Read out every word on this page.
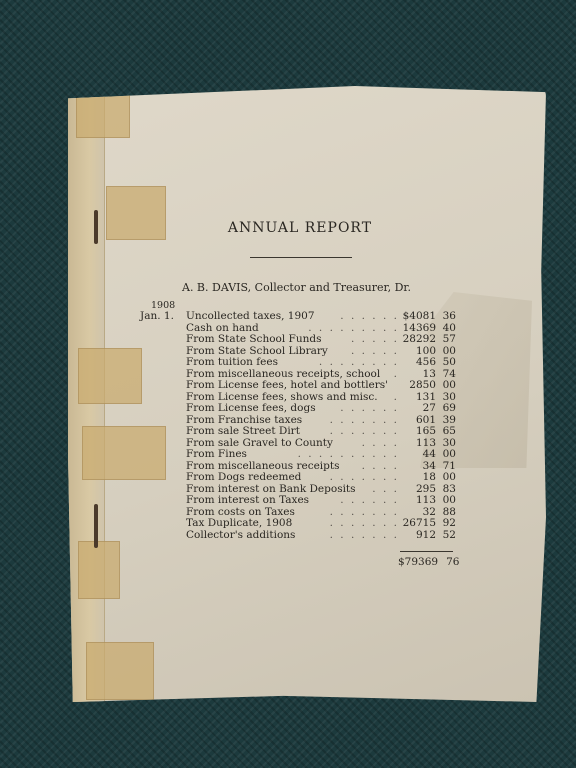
ANNUAL REPORT
A. B. DAVIS, Collector and Treasurer, Dr.
1908
Jan. 1. Uncollected taxes, 1907 . . . . . . $4081 36
Cash on hand	. . . . . . . . . 14369 40
From State School Funds	. . . . . 28292 57
From State School Library . . . . . 100 00
From tuition fees	. . . . . . . . 456 50
From miscellaneous receipts, school . 13 74
From License fees, hotel and bottlers' 2850 00
From License fees, shows and misc. . 131 30
From License fees, dogs . . . . . . 27 69
From Franchise taxes	. . . . . . . 601 39
From sale Street Dirt	. . . . . . . 165 65
From sale Gravel to County	. . . . 113 30
From Fines	. . . . . . . . . . 44 00
From miscellaneous receipts . . . . 34 71
From Dogs redeemed	. . . . . . . 18 00
From interest on Bank Deposits . . . 295 83
From interest on Taxes	. . . . . . 113 00
From costs on Taxes	. . . . . . . 32 88
Tax Duplicate, 1908	. . . . . . . 26715 92
Collector's additions	. . . . . . . 912 52
$79369 76
